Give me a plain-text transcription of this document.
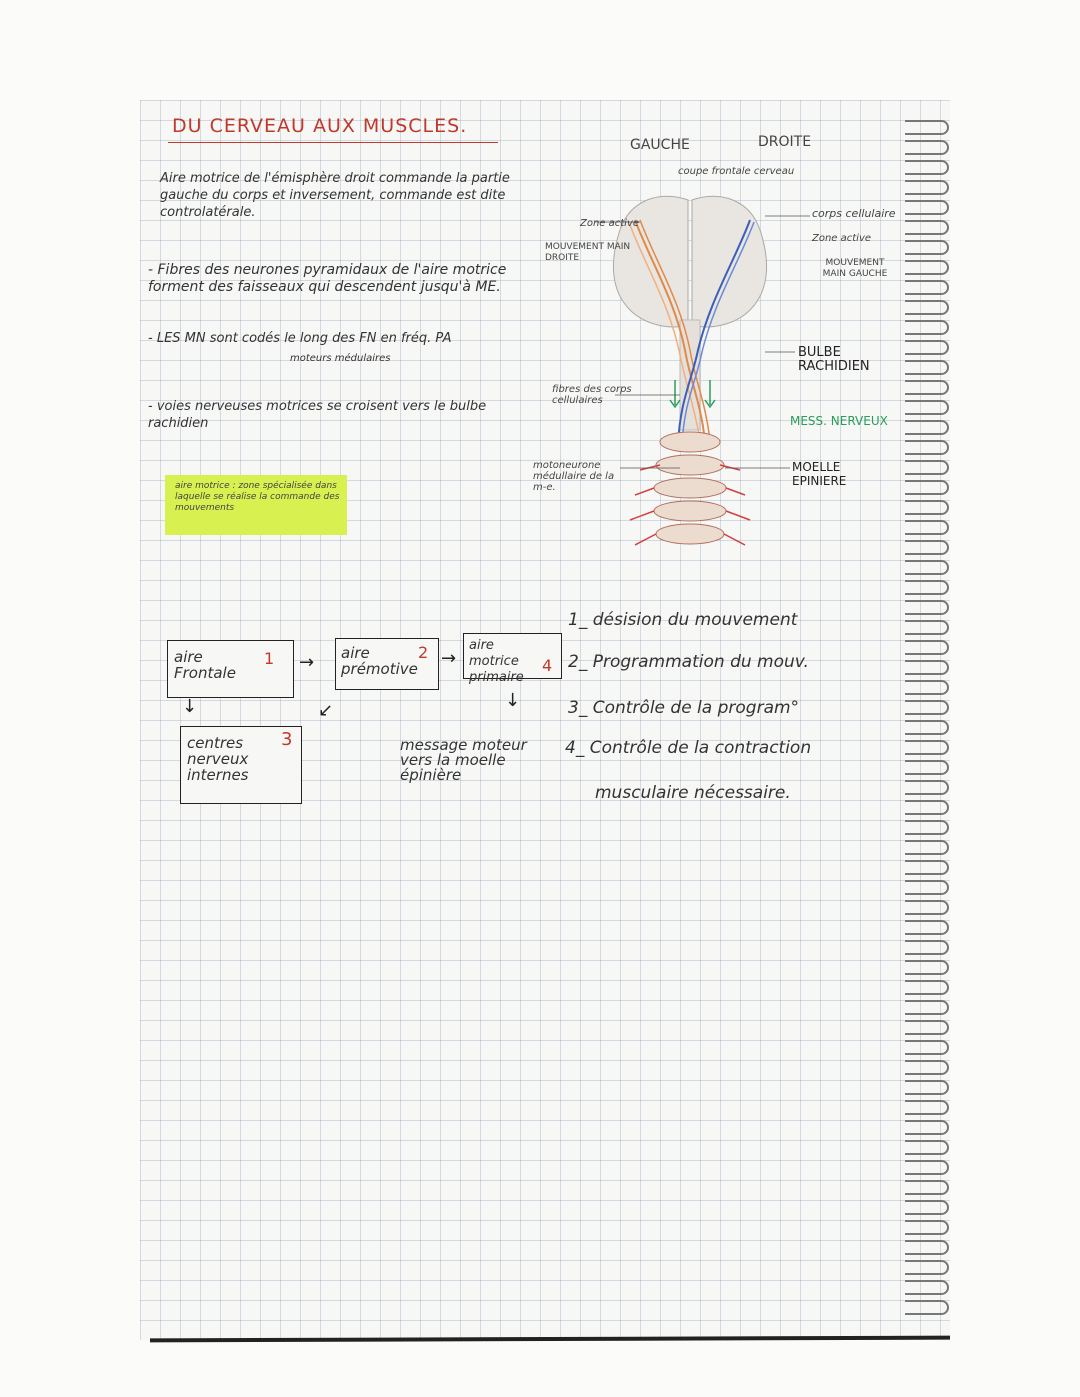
DU CERVEAU AUX MUSCLES.
Aire motrice de l'émisphère droit commande la partie gauche du corps et inversement, commande est dite controlatérale.
- Fibres des neurones pyramidaux de l'aire motrice forment des faisseaux qui descendent jusqu'à ME.
- LES MN sont codés le long des FN en fréq. PA
moteurs médulaires
- voies nerveuses motrices se croisent vers le bulbe rachidien
aire motrice : zone spécialisée dans laquelle se réalise la commande des mouvements
GAUCHE	DROITE
coupe frontale cerveau
Zone active
MOUVEMENT MAIN DROITE
corps cellulaire
Zone active
MOUVEMENT MAIN GAUCHE
BULBE RACHIDIEN
fibres des corps cellulaires
MESS. NERVEUX
motoneurone médullaire de la m-e.
MOELLE EPINIERE
aire Frontale
1 → aire prémotive
2 →
aire motrice primaire
4
↓	↙	↓
centres nerveux internes
3	message moteur vers la moelle épinière
1_ désision du mouvement
2_ Programmation du mouv.
3_ Contrôle de la program°
4_ Contrôle de la contraction
musculaire nécessaire.
